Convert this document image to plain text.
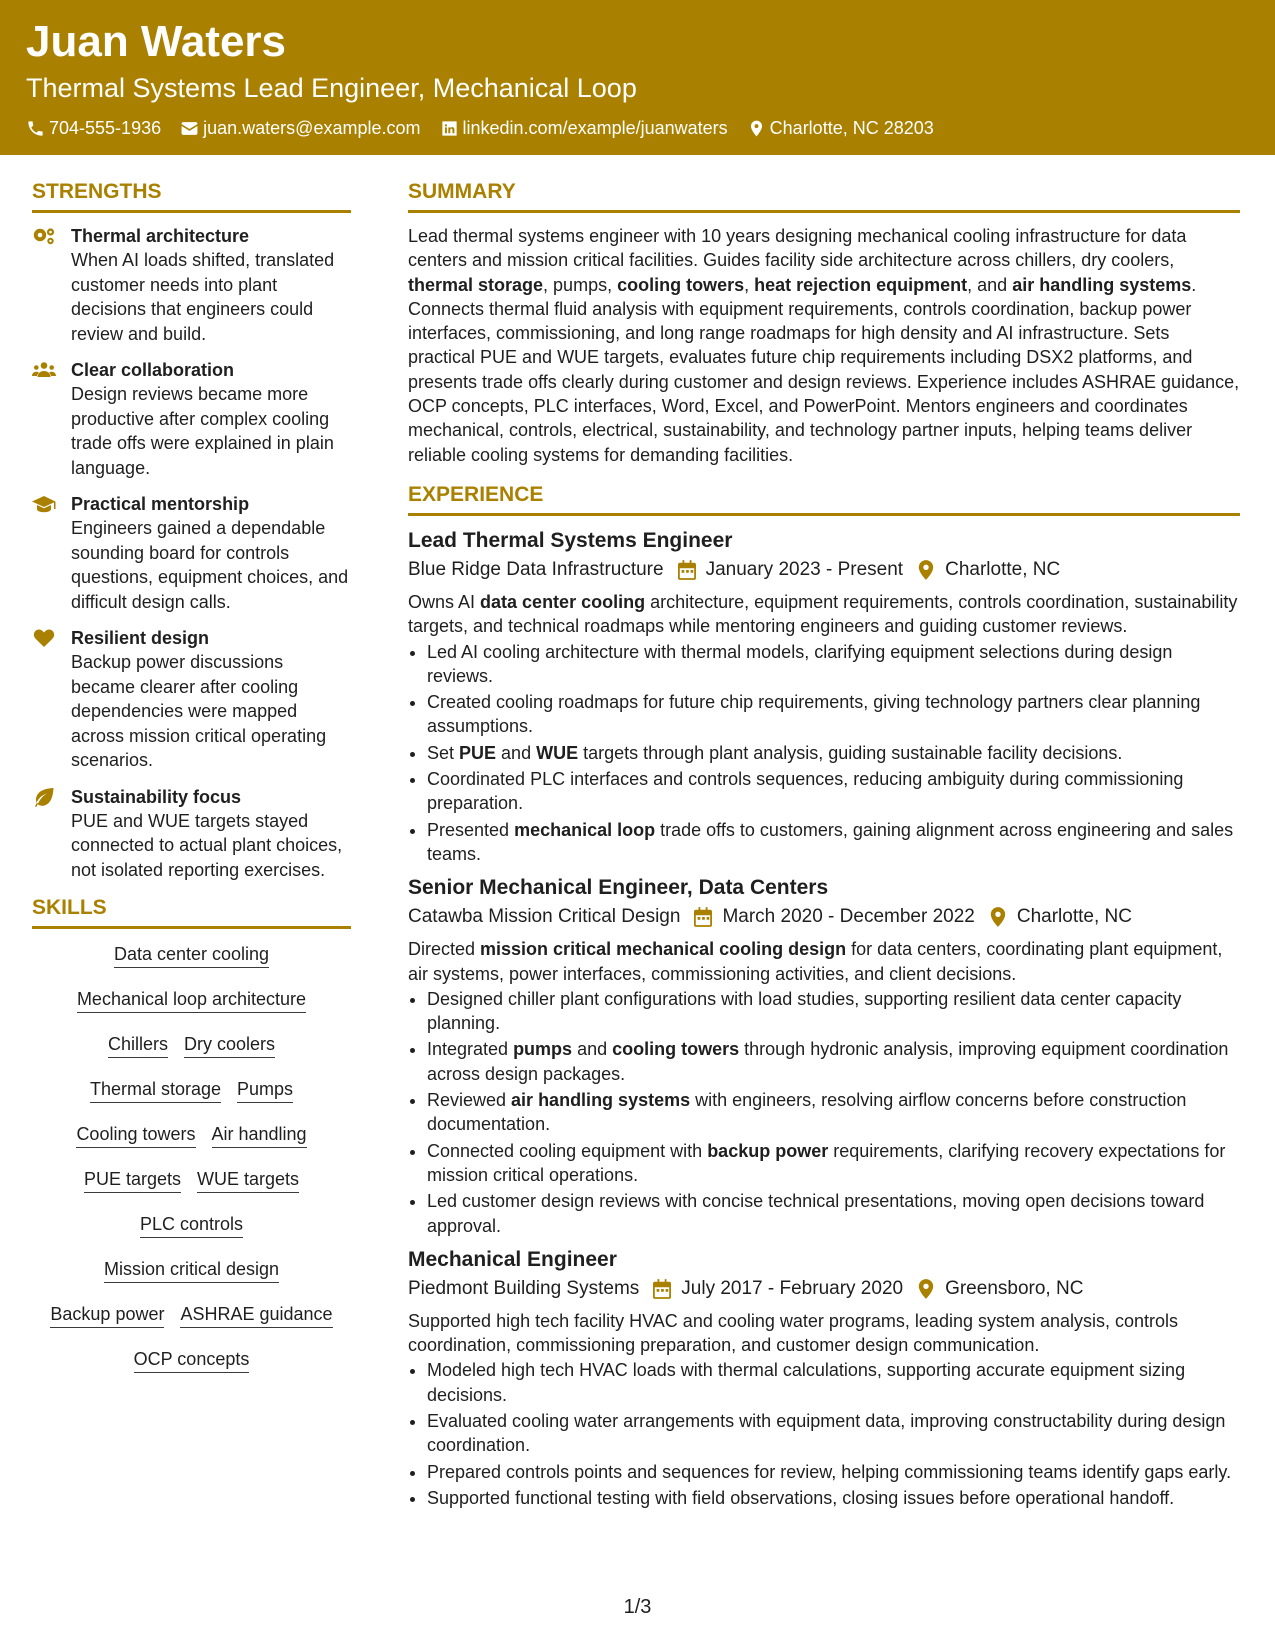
Juan Waters
Thermal Systems Lead Engineer, Mechanical Loop
704-555-1936
juan.waters@example.com
linkedin.com/example/juanwaters
Charlotte, NC 28203
STRENGTHS
Thermal architecture
When AI loads shifted, translated customer needs into plant decisions that engineers could review and build.
Clear collaboration
Design reviews became more productive after complex cooling trade offs were explained in plain language.
Practical mentorship
Engineers gained a dependable sounding board for controls questions, equipment choices, and difficult design calls.
Resilient design
Backup power discussions became clearer after cooling dependencies were mapped across mission critical operating scenarios.
Sustainability focus
PUE and WUE targets stayed connected to actual plant choices, not isolated reporting exercises.
SKILLS
Data center cooling
Mechanical loop architecture
Chillers Dry coolers
Thermal storage Pumps
Cooling towers Air handling
PUE targets WUE targets
PLC controls
Mission critical design
Backup power ASHRAE guidance
OCP concepts
SUMMARY

Lead thermal systems engineer with 10 years designing mechanical cooling infrastructure for data centers and mission critical facilities. Guides facility side architecture across chillers, dry coolers, thermal storage, pumps, cooling towers, heat rejection equipment, and air handling systems. Connects thermal fluid analysis with equipment requirements, controls coordination, backup power interfaces, commissioning, and long range roadmaps for high density and AI infrastructure. Sets practical PUE and WUE targets, evaluates future chip requirements including DSX2 platforms, and presents trade offs clearly during customer and design reviews. Experience includes ASHRAE guidance, OCP concepts, PLC interfaces, Word, Excel, and PowerPoint. Mentors engineers and coordinates mechanical, controls, electrical, sustainability, and technology partner inputs, helping teams deliver reliable cooling systems for demanding facilities.

EXPERIENCE
Lead Thermal Systems Engineer
Blue Ridge Data Infrastructure January 2023 - Present Charlotte, NC

Owns AI data center cooling architecture, equipment requirements, controls coordination, sustainability targets, and technical roadmaps while mentoring engineers and guiding customer reviews.

• Led AI cooling architecture with thermal models, clarifying equipment selections during design reviews.
• Created cooling roadmaps for future chip requirements, giving technology partners clear planning assumptions.
• Set PUE and WUE targets through plant analysis, guiding sustainable facility decisions.
• Coordinated PLC interfaces and controls sequences, reducing ambiguity during commissioning preparation.
• Presented mechanical loop trade offs to customers, gaining alignment across engineering and sales teams.
Senior Mechanical Engineer, Data Centers
Catawba Mission Critical Design March 2020 - December 2022 Charlotte, NC

Directed mission critical mechanical cooling design for data centers, coordinating plant equipment, air systems, power interfaces, commissioning activities, and client decisions.

• Designed chiller plant configurations with load studies, supporting resilient data center capacity planning.
• Integrated pumps and cooling towers through hydronic analysis, improving equipment coordination across design packages.
• Reviewed air handling systems with engineers, resolving airflow concerns before construction documentation.
• Connected cooling equipment with backup power requirements, clarifying recovery expectations for mission critical operations.
• Led customer design reviews with concise technical presentations, moving open decisions toward approval.
Mechanical Engineer
Piedmont Building Systems July 2017 - February 2020 Greensboro, NC

Supported high tech facility HVAC and cooling water programs, leading system analysis, controls coordination, commissioning preparation, and customer design communication.

• Modeled high tech HVAC loads with thermal calculations, supporting accurate equipment sizing decisions.
• Evaluated cooling water arrangements with equipment data, improving constructability during design coordination.
• Prepared controls points and sequences for review, helping commissioning teams identify gaps early.
• Supported functional testing with field observations, closing issues before operational handoff.
1/3
